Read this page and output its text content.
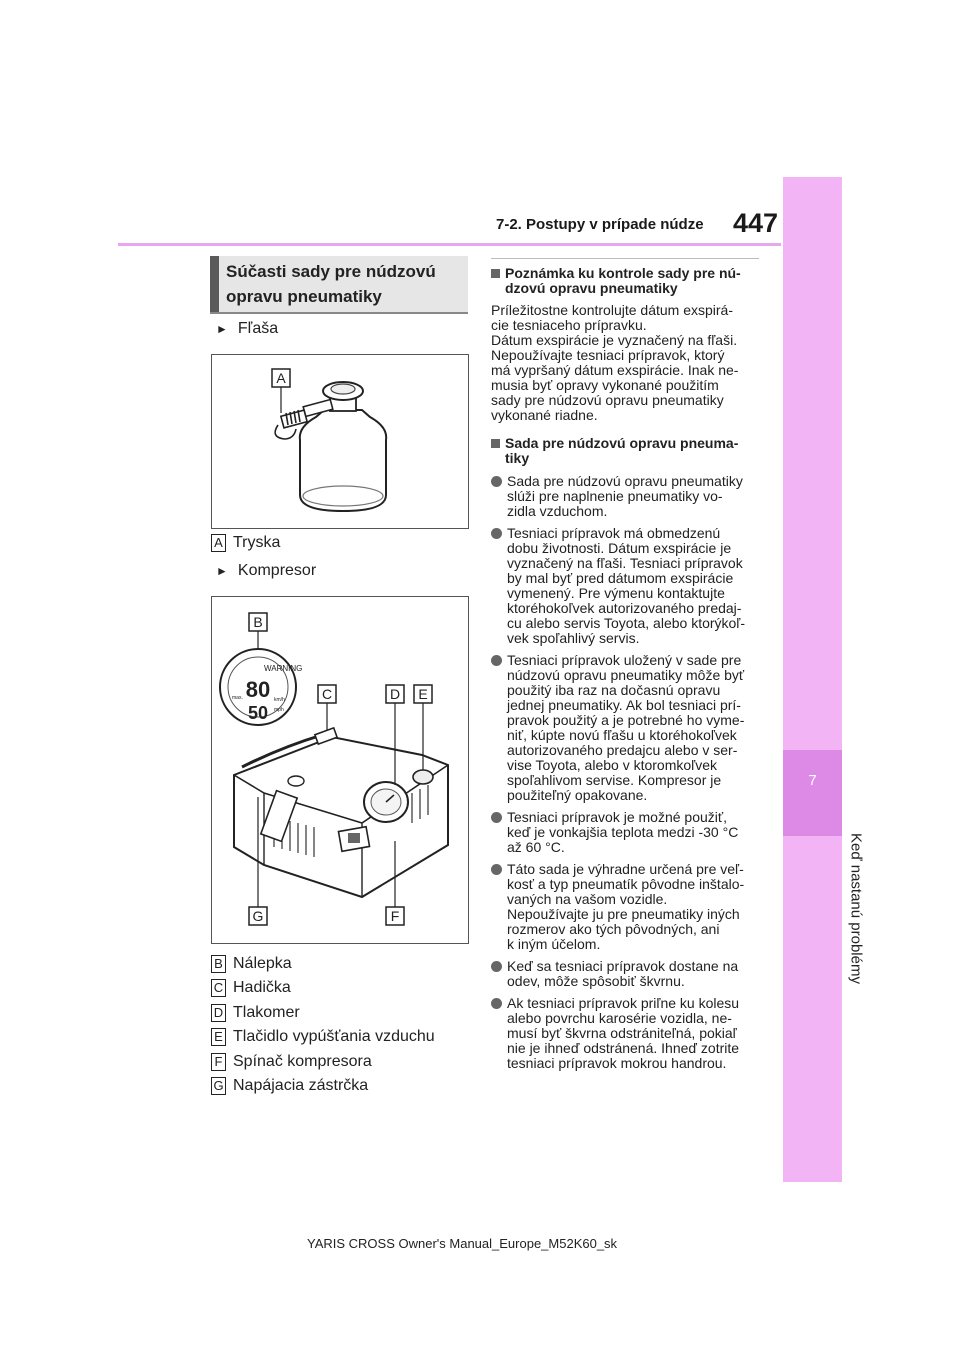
7-2. Postupy v prípade núdze 447
7
Keď nastanú problémy
Súčasti sady pre núdzovú
opravu pneumatiky
► Fľaša
A
A Tryska
► Kompresor
WARNING
80
50
max.	km/h
mph
B
C	D E
F
G
B Nálepka
C Hadička
D Tlakomer
E Tlačidlo vypúšťania vzduchu
F Spínač kompresora
G Napájacia zástrčka
Poznámka ku kontrole sady pre nú-
dzovú opravu pneumatiky

Príležitostne kontrolujte dátum exspirá-
cie tesniaceho prípravku.
Dátum exspirácie je vyznačený na fľaši.
Nepoužívajte tesniaci prípravok, ktorý
má vypršaný dátum exspirácie. Inak ne-
musia byť opravy vykonané použitím
sady pre núdzovú opravu pneumatiky
vykonané riadne.

Sada pre núdzovú opravu pneuma-
tiky
Sada pre núdzovú opravu pneumatiky
slúži pre naplnenie pneumatiky vo-
zidla vzduchom.
Tesniaci prípravok má obmedzenú
dobu životnosti. Dátum exspirácie je
vyznačený na fľaši. Tesniaci prípravok
by mal byť pred dátumom exspirácie
vymenený. Pre výmenu kontaktujte
ktoréhokoľvek autorizovaného predaj-
cu alebo servis Toyota, alebo ktorýkoľ-
vek spoľahlivý servis.
Tesniaci prípravok uložený v sade pre
núdzovú opravu pneumatiky môže byť
použitý iba raz na dočasnú opravu
jednej pneumatiky. Ak bol tesniaci prí-
pravok použitý a je potrebné ho vyme-
niť, kúpte novú fľašu u ktoréhokoľvek
autorizovaného predajcu alebo v ser-
vise Toyota, alebo v ktoromkoľvek
spoľahlivom servise. Kompresor je
použiteľný opakovane.
Tesniaci prípravok je možné použiť,
keď je vonkajšia teplota medzi -30 °C
až 60 °C.
Táto sada je výhradne určená pre veľ-
kosť a typ pneumatík pôvodne inštalo-
vaných na vašom vozidle.
Nepoužívajte ju pre pneumatiky iných
rozmerov ako tých pôvodných, ani
k iným účelom.
Keď sa tesniaci prípravok dostane na
odev, môže spôsobiť škvrnu.
Ak tesniaci prípravok priľne ku kolesu
alebo povrchu karosérie vozidla, ne-
musí byť škvrna odstrániteľná, pokiaľ
nie je ihneď odstránená. Ihneď zotrite
tesniaci prípravok mokrou handrou.
YARIS CROSS Owner's Manual_Europe_M52K60_sk
